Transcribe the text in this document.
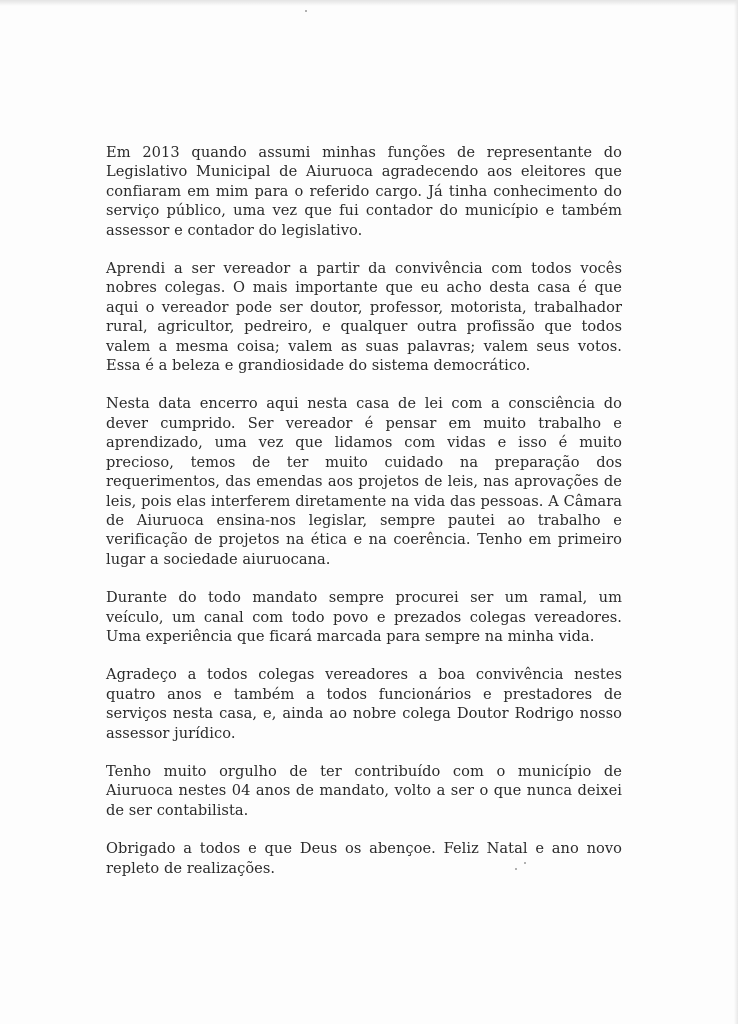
Em 2013 quando assumi minhas funções de representante do Legislativo Municipal de Aiuruoca agradecendo aos eleitores que confiaram em mim para o referido cargo. Já tinha conhecimento do serviço público, uma vez que fui contador do município e também assessor e contador do legislativo.

Aprendi a ser vereador a partir da convivência com todos vocês nobres colegas. O mais importante que eu acho desta casa é que aqui o vereador pode ser doutor, professor, motorista, trabalhador rural, agricultor, pedreiro, e qualquer outra profissão que todos valem a mesma coisa; valem as suas palavras; valem seus votos. Essa é a beleza e grandiosidade do sistema democrático.

Nesta data encerro aqui nesta casa de lei com a consciência do dever cumprido. Ser vereador é pensar em muito trabalho e aprendizado, uma vez que lidamos com vidas e isso é muito precioso, temos de ter muito cuidado na preparação dos requerimentos, das emendas aos projetos de leis, nas aprovações de leis, pois elas interferem diretamente na vida das pessoas. A Câmara de Aiuruoca ensina-nos legislar, sempre pautei ao trabalho e verificação de projetos na ética e na coerência. Tenho em primeiro lugar a sociedade aiuruocana.

Durante do todo mandato sempre procurei ser um ramal, um veículo, um canal com todo povo e prezados colegas vereadores. Uma experiência que ficará marcada para sempre na minha vida.

Agradeço a todos colegas vereadores a boa convivência nestes quatro anos e também a todos funcionários e prestadores de serviços nesta casa, e, ainda ao nobre colega Doutor Rodrigo nosso assessor jurídico.

Tenho muito orgulho de ter contribuído com o município de Aiuruoca nestes 04 anos de mandato, volto a ser o que nunca deixei de ser contabilista.

Obrigado a todos e que Deus os abençoe. Feliz Natal e ano novo repleto de realizações.
